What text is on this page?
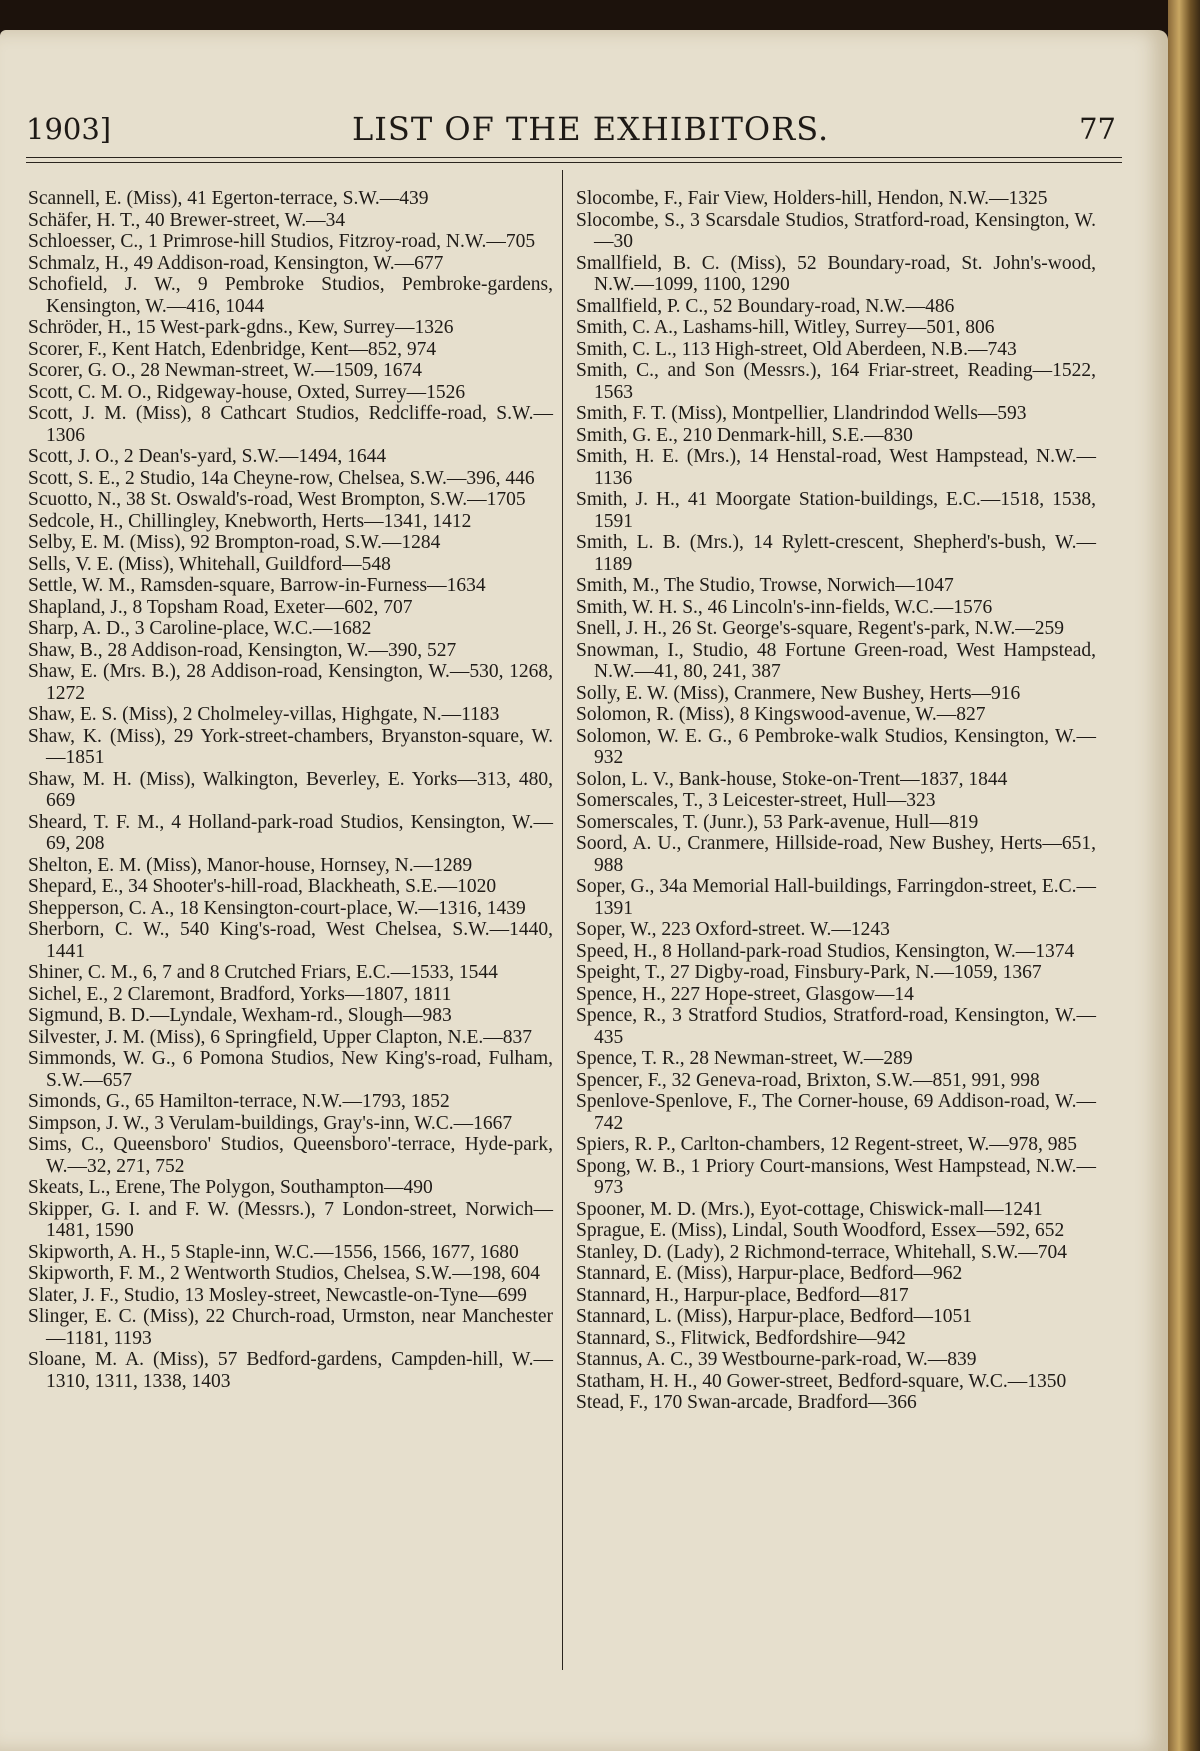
1903]	LIST OF THE EXHIBITORS.	77

Scannell, E. (Miss), 41 Egerton-terrace, S.W.—439

Schäfer, H. T., 40 Brewer-street, W.—34

Schloesser, C., 1 Primrose-hill Studios, Fitzroy-road, N.W.—705

Schmalz, H., 49 Addison-road, Kensington, W.—677

Schofield, J. W., 9 Pembroke Studios, Pembroke-gardens, Kensington, W.—416, 1044

Schröder, H., 15 West-park-gdns., Kew, Surrey—1326

Scorer, F., Kent Hatch, Edenbridge, Kent—852, 974

Scorer, G. O., 28 Newman-street, W.—1509, 1674

Scott, C. M. O., Ridgeway-house, Oxted, Surrey—1526

Scott, J. M. (Miss), 8 Cathcart Studios, Redcliffe-road, S.W.—1306

Scott, J. O., 2 Dean's-yard, S.W.—1494, 1644

Scott, S. E., 2 Studio, 14a Cheyne-row, Chelsea, S.W.—396, 446

Scuotto, N., 38 St. Oswald's-road, West Brompton, S.W.—1705

Sedcole, H., Chillingley, Knebworth, Herts—1341, 1412

Selby, E. M. (Miss), 92 Brompton-road, S.W.—1284

Sells, V. E. (Miss), Whitehall, Guildford—548

Settle, W. M., Ramsden-square, Barrow-in-Furness—1634

Shapland, J., 8 Topsham Road, Exeter—602, 707

Sharp, A. D., 3 Caroline-place, W.C.—1682

Shaw, B., 28 Addison-road, Kensington, W.—390, 527

Shaw, E. (Mrs. B.), 28 Addison-road, Kensington, W.—530, 1268, 1272

Shaw, E. S. (Miss), 2 Cholmeley-villas, Highgate, N.—1183

Shaw, K. (Miss), 29 York-street-chambers, Bryanston-square, W.—1851

Shaw, M. H. (Miss), Walkington, Beverley, E. Yorks—313, 480, 669

Sheard, T. F. M., 4 Holland-park-road Studios, Kensington, W.—69, 208

Shelton, E. M. (Miss), Manor-house, Hornsey, N.—1289

Shepard, E., 34 Shooter's-hill-road, Blackheath, S.E.—1020

Shepperson, C. A., 18 Kensington-court-place, W.—1316, 1439

Sherborn, C. W., 540 King's-road, West Chelsea, S.W.—1440, 1441

Shiner, C. M., 6, 7 and 8 Crutched Friars, E.C.—1533, 1544

Sichel, E., 2 Claremont, Bradford, Yorks—1807, 1811

Sigmund, B. D.—Lyndale, Wexham-rd., Slough—983

Silvester, J. M. (Miss), 6 Springfield, Upper Clapton, N.E.—837

Simmonds, W. G., 6 Pomona Studios, New King's-road, Fulham, S.W.—657

Simonds, G., 65 Hamilton-terrace, N.W.—1793, 1852

Simpson, J. W., 3 Verulam-buildings, Gray's-inn, W.C.—1667

Sims, C., Queensboro' Studios, Queensboro'-terrace, Hyde-park, W.—32, 271, 752

Skeats, L., Erene, The Polygon, Southampton—490

Skipper, G. I. and F. W. (Messrs.), 7 London-street, Norwich—1481, 1590

Skipworth, A. H., 5 Staple-inn, W.C.—1556, 1566, 1677, 1680

Skipworth, F. M., 2 Wentworth Studios, Chelsea, S.W.—198, 604

Slater, J. F., Studio, 13 Mosley-street, Newcastle-on-Tyne—699

Slinger, E. C. (Miss), 22 Church-road, Urmston, near Manchester—1181, 1193

Sloane, M. A. (Miss), 57 Bedford-gardens, Campden-hill, W.—1310, 1311, 1338, 1403

Slocombe, F., Fair View, Holders-hill, Hendon, N.W.—1325

Slocombe, S., 3 Scarsdale Studios, Stratford-road, Kensington, W.—30

Smallfield, B. C. (Miss), 52 Boundary-road, St. John's-wood, N.W.—1099, 1100, 1290

Smallfield, P. C., 52 Boundary-road, N.W.—486

Smith, C. A., Lashams-hill, Witley, Surrey—501, 806

Smith, C. L., 113 High-street, Old Aberdeen, N.B.—743

Smith, C., and Son (Messrs.), 164 Friar-street, Reading—1522, 1563

Smith, F. T. (Miss), Montpellier, Llandrindod Wells—593

Smith, G. E., 210 Denmark-hill, S.E.—830

Smith, H. E. (Mrs.), 14 Henstal-road, West Hampstead, N.W.—1136

Smith, J. H., 41 Moorgate Station-buildings, E.C.—1518, 1538, 1591

Smith, L. B. (Mrs.), 14 Rylett-crescent, Shepherd's-bush, W.—1189

Smith, M., The Studio, Trowse, Norwich—1047

Smith, W. H. S., 46 Lincoln's-inn-fields, W.C.—1576

Snell, J. H., 26 St. George's-square, Regent's-park, N.W.—259

Snowman, I., Studio, 48 Fortune Green-road, West Hampstead, N.W.—41, 80, 241, 387

Solly, E. W. (Miss), Cranmere, New Bushey, Herts—916

Solomon, R. (Miss), 8 Kingswood-avenue, W.—827

Solomon, W. E. G., 6 Pembroke-walk Studios, Kensington, W.—932

Solon, L. V., Bank-house, Stoke-on-Trent—1837, 1844

Somerscales, T., 3 Leicester-street, Hull—323

Somerscales, T. (Junr.), 53 Park-avenue, Hull—819

Soord, A. U., Cranmere, Hillside-road, New Bushey, Herts—651, 988

Soper, G., 34a Memorial Hall-buildings, Farringdon-street, E.C.—1391

Soper, W., 223 Oxford-street. W.—1243

Speed, H., 8 Holland-park-road Studios, Kensington, W.—1374

Speight, T., 27 Digby-road, Finsbury-Park, N.—1059, 1367

Spence, H., 227 Hope-street, Glasgow—14

Spence, R., 3 Stratford Studios, Stratford-road, Kensington, W.—435

Spence, T. R., 28 Newman-street, W.—289

Spencer, F., 32 Geneva-road, Brixton, S.W.—851, 991, 998

Spenlove-Spenlove, F., The Corner-house, 69 Addison-road, W.—742

Spiers, R. P., Carlton-chambers, 12 Regent-street, W.—978, 985

Spong, W. B., 1 Priory Court-mansions, West Hampstead, N.W.—973

Spooner, M. D. (Mrs.), Eyot-cottage, Chiswick-mall—1241

Sprague, E. (Miss), Lindal, South Woodford, Essex—592, 652

Stanley, D. (Lady), 2 Richmond-terrace, Whitehall, S.W.—704

Stannard, E. (Miss), Harpur-place, Bedford—962

Stannard, H., Harpur-place, Bedford—817

Stannard, L. (Miss), Harpur-place, Bedford—1051

Stannard, S., Flitwick, Bedfordshire—942

Stannus, A. C., 39 Westbourne-park-road, W.—839

Statham, H. H., 40 Gower-street, Bedford-square, W.C.—1350

Stead, F., 170 Swan-arcade, Bradford—366
